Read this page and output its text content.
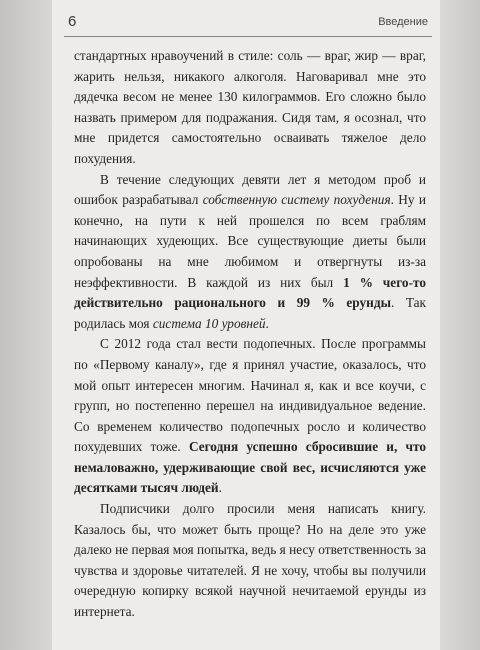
6	Введение

стандартных нравоучений в стиле: соль — враг, жир — враг, жарить нельзя, никакого алкоголя. Наговаривал мне это дядечка весом не менее 130 килограммов. Его сложно было назвать примером для подражания. Сидя там, я осознал, что мне придется самостоятельно осваивать тяжелое дело похудения.

В течение следующих девяти лет я методом проб и ошибок разрабатывал собственную систему похудения. Ну и конечно, на пути к ней прошелся по всем граблям начинающих худеющих. Все существующие диеты были опробованы на мне любимом и отвергнуты из-за неэффективности. В каждой из них был 1 % чего-то действительно рационального и 99 % ерунды. Так родилась моя система 10 уровней.

С 2012 года стал вести подопечных. После программы по «Первому каналу», где я принял участие, оказалось, что мой опыт интересен многим. Начинал я, как и все коучи, с групп, но постепенно перешел на индивидуальное ведение. Со временем количество подопечных росло и количество похудевших тоже. Сегодня успешно сбросившие и, что немаловажно, удерживающие свой вес, исчисляются уже десятками тысяч людей.

Подписчики долго просили меня написать книгу. Казалось бы, что может быть проще? Но на деле это уже далеко не первая моя попытка, ведь я несу ответственность за чувства и здоровье читателей. Я не хочу, чтобы вы получили очередную копирку всякой научной нечитаемой ерунды из интернета.
